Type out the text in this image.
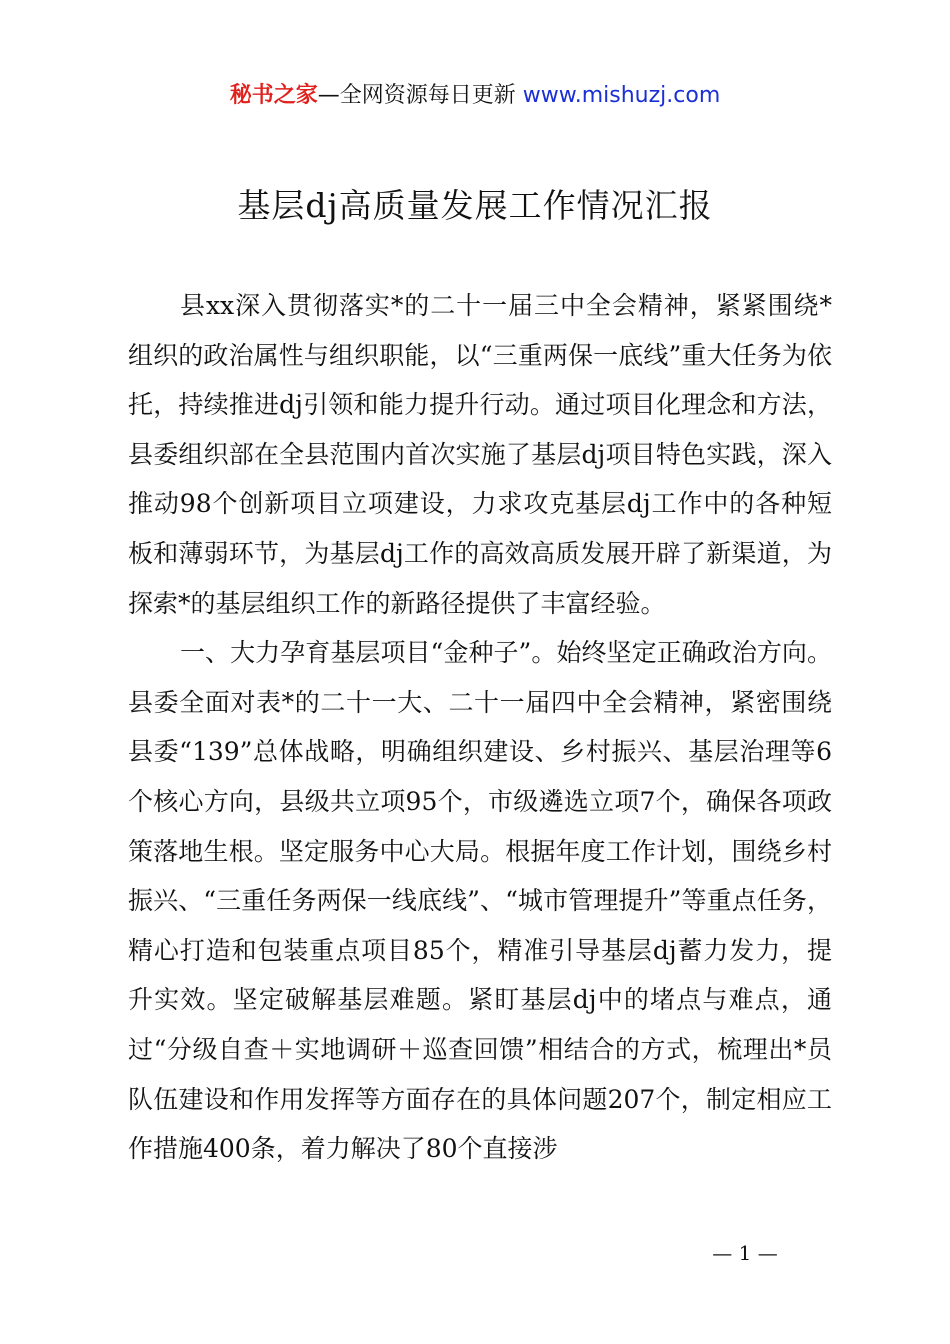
秘书之家—全网资源每日更新 www.mishuzj.com
基层dj高质量发展工作情况汇报

县xx深入贯彻落实*的二十一届三中全会精神，紧紧围绕*组织的政治属性与组织职能，以“三重两保一底线”重大任务为依托，持续推进dj引领和能力提升行动。通过项目化理念和方法，县委组织部在全县范围内首次实施了基层dj项目特色实践，深入推动98个创新项目立项建设，力求攻克基层dj工作中的各种短板和薄弱环节，为基层dj工作的高效高质发展开辟了新渠道，为探索*的基层组织工作的新路径提供了丰富经验。

一、大力孕育基层项目“金种子”。始终坚定正确政治方向。县委全面对表*的二十一大、二十一届四中全会精神，紧密围绕县委“139”总体战略，明确组织建设、乡村振兴、基层治理等6个核心方向，县级共立项95个，市级遴选立项7个，确保各项政策落地生根。坚定服务中心大局。根据年度工作计划，围绕乡村振兴、“三重任务两保一线底线”、“城市管理提升”等重点任务，精心打造和包装重点项目85个，精准引导基层dj蓄力发力，提升实效。坚定破解基层难题。紧盯基层dj中的堵点与难点，通过“分级自查＋实地调研＋巡查回馈”相结合的方式，梳理出*员队伍建设和作用发挥等方面存在的具体问题207个，制定相应工作措施400条，着力解决了80个直接涉

— 1 —
